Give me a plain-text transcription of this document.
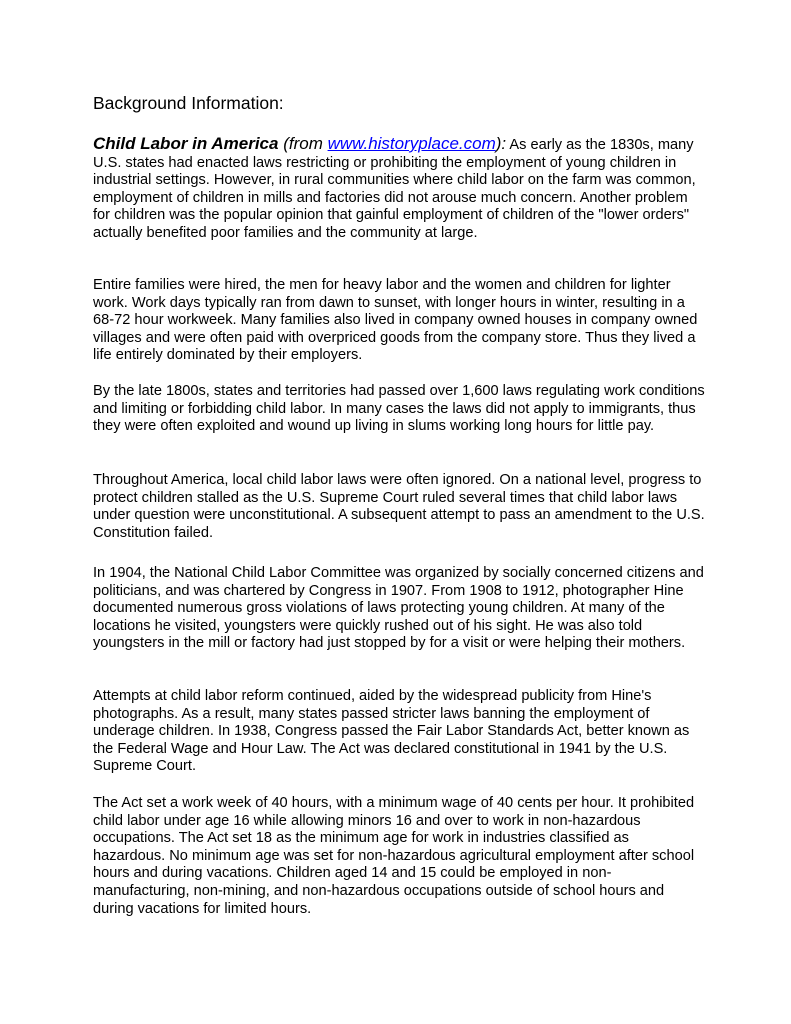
Background Information:

Child Labor in America (from www.historyplace.com): As early as the 1830s, many U.S. states had enacted laws restricting or prohibiting the employment of young children in industrial settings. However, in rural communities where child labor on the farm was common, employment of children in mills and factories did not arouse much concern. Another problem for children was the popular opinion that gainful employment of children of the "lower orders" actually benefited poor families and the community at large.

Entire families were hired, the men for heavy labor and the women and children for lighter work. Work days typically ran from dawn to sunset, with longer hours in winter, resulting in a 68-72 hour workweek. Many families also lived in company owned houses in company owned villages and were often paid with overpriced goods from the company store. Thus they lived a life entirely dominated by their employers.

By the late 1800s, states and territories had passed over 1,600 laws regulating work conditions and limiting or forbidding child labor. In many cases the laws did not apply to immigrants, thus they were often exploited and wound up living in slums working long hours for little pay.

Throughout America, local child labor laws were often ignored. On a national level, progress to protect children stalled as the U.S. Supreme Court ruled several times that child labor laws under question were unconstitutional. A subsequent attempt to pass an amendment to the U.S. Constitution failed.

In 1904, the National Child Labor Committee was organized by socially concerned citizens and politicians, and was chartered by Congress in 1907. From 1908 to 1912, photographer Hine documented numerous gross violations of laws protecting young children. At many of the locations he visited, youngsters were quickly rushed out of his sight. He was also told youngsters in the mill or factory had just stopped by for a visit or were helping their mothers.

Attempts at child labor reform continued, aided by the widespread publicity from Hine's photographs. As a result, many states passed stricter laws banning the employment of underage children. In 1938, Congress passed the Fair Labor Standards Act, better known as the Federal Wage and Hour Law. The Act was declared constitutional in 1941 by the U.S. Supreme Court.

The Act set a work week of 40 hours, with a minimum wage of 40 cents per hour. It prohibited child labor under age 16 while allowing minors 16 and over to work in non-hazardous occupations. The Act set 18 as the minimum age for work in industries classified as hazardous. No minimum age was set for non-hazardous agricultural employment after school hours and during vacations. Children aged 14 and 15 could be employed in non-manufacturing, non-mining, and non-hazardous occupations outside of school hours and during vacations for limited hours.
